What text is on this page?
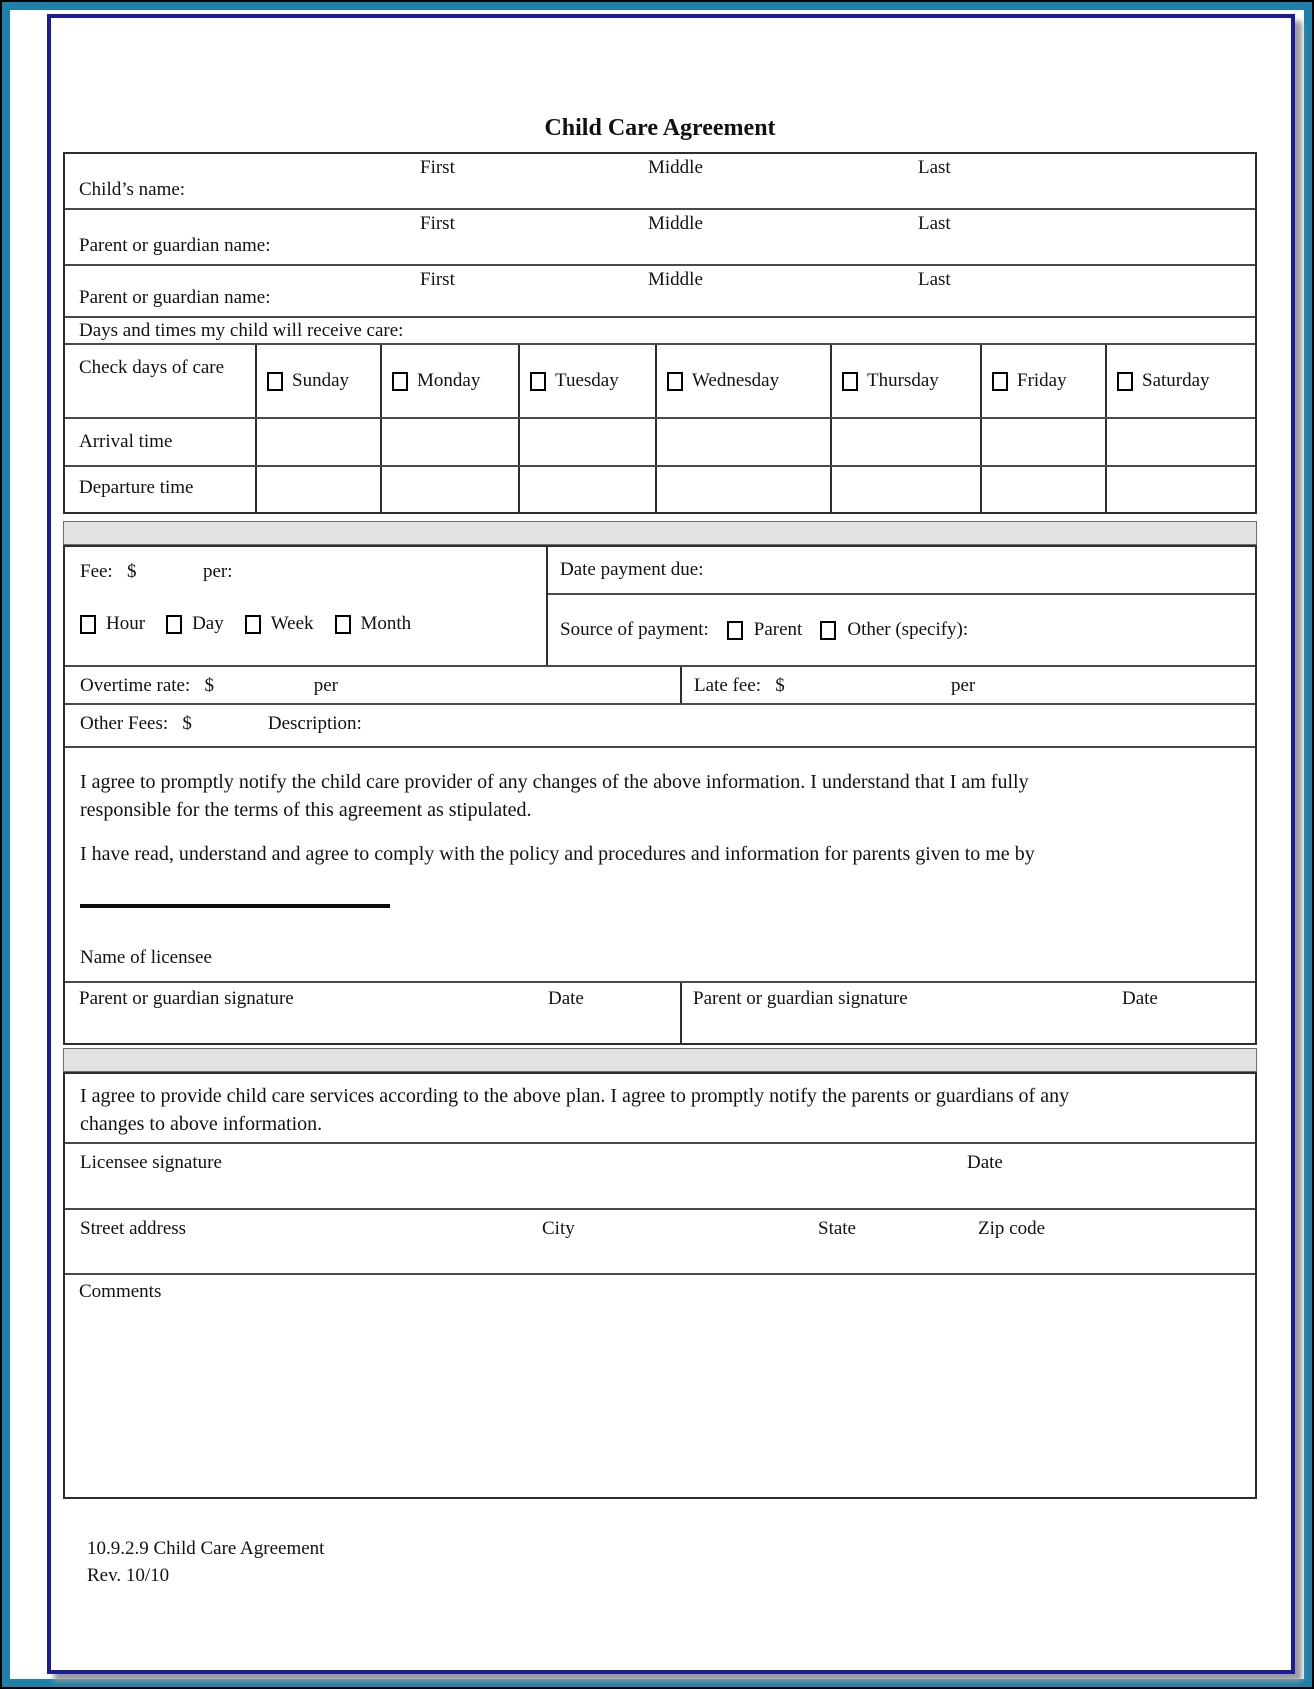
Child Care Agreement
First	Middle	Last
Child’s name:
First	Middle	Last
Parent or guardian name:
First	Middle	Last
Parent or guardian name:
Days and times my child will receive care:
Check days of care
Sunday	Monday	Tuesday	Wednesday	Thursday	Friday	Saturday
Arrival time
Departure time
Fee:   $              per:
Hour Day Week Month
Date payment due:
Source of payment: Parent Other (specify):
Overtime rate:   $                     per	Late fee:   $                                   per
Other Fees:   $                Description:
I agree to promptly notify the child care provider of any changes of the above information. I understand that I am fully
responsible for the terms of this agreement as stipulated.
I have read, understand and agree to comply with the policy and procedures and information for parents given to me by
Name of licensee
Parent or guardian signature	Date	Parent or guardian signature	Date
I agree to provide child care services according to the above plan. I agree to promptly notify the parents or guardians of any
changes to above information.
Licensee signature	Date
Street address	City	State	Zip code
Comments
10.9.2.9 Child Care Agreement
Rev. 10/10
